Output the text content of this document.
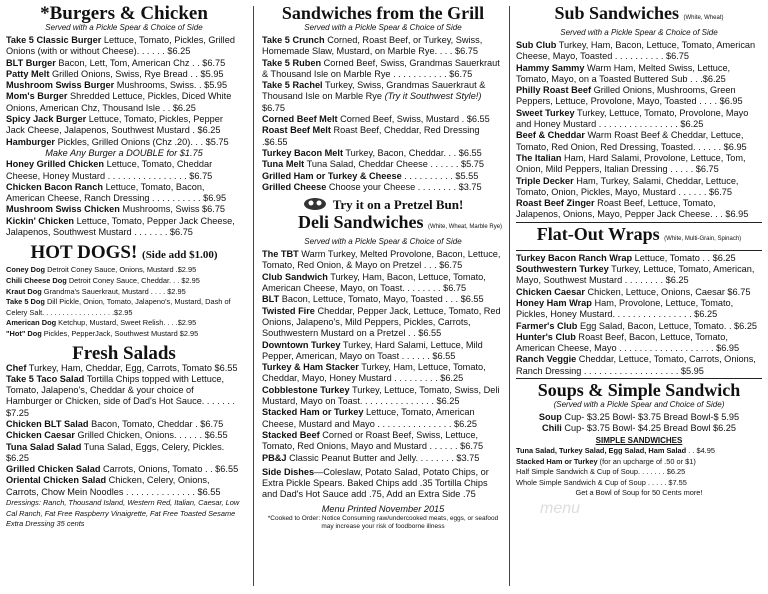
*Burgers & Chicken
Served with a Pickle Spear & Choice of Side
Take 5 Classic Burger Lettuce, Tomato, Pickles, Grilled Onions (with or without Cheese). . . . . . $6.25
BLT Burger Bacon, Lett, Tom, American Chz . . $6.75
Patty Melt Grilled Onions, Swiss, Rye Bread . . $5.95
Mushroom Swiss Burger Mushrooms, Swiss. . $5.95
Mom's Burger Shredded Lettuce, Pickles, Diced White Onions, American Chz, Thousand Isle . . $6.25
Spicy Jack Burger Lettuce, Tomato, Pickles, Pepper Jack Cheese, Jalapenos, Southwest Mustard . $6.25
Hamburger Pickles, Grilled Onions (Chz .20). . . $5.75
Make Any Burger a DOUBLE for $1.75
Honey Grilled Chicken Lettuce, Tomato, Cheddar Cheese, Honey Mustard . . . . . . . . . . . . . . . . $6.75
Chicken Bacon Ranch Lettuce, Tomato, Bacon, American Cheese, Ranch Dressing . . . . . . . . . . $6.95
Mushroom Swiss Chicken Mushrooms, Swiss $6.75
Kickin' Chicken Lettuce, Tomato, Pepper Jack Cheese, Jalapenos, Southwest Mustard . . . . . . . $6.75
HOT DOGS! (Side add $1.00)
Coney Dog Detroit Coney Sauce, Onions, Mustard .$2.95
Chili Cheese Dog Detroit Coney Sauce, Cheddar. . . $2.95
Kraut Dog Grandma's Sauerkraut, Mustard . . . . $2.95
Take 5 Dog Dill Pickle, Onion, Tomato, Jalapeno's, Mustard, Dash of Celery Salt. . . . . . . . . . . . . . . . . .$2.95
American Dog Ketchup, Mustard, Sweet Relish. . . .$2.95
"Hot" Dog Pickles, PepperJack, Southwest Mustard $2.95
Fresh Salads
Chef Turkey, Ham, Cheddar, Egg, Carrots, Tomato $6.55
Take 5 Taco Salad Tortilla Chips topped with Lettuce, Tomato, Jalapeno's, Cheddar & your choice of Hamburger or Chicken, side of Dad's Hot Sauce. . . . . . . $7.25
Chicken BLT Salad Bacon, Tomato, Cheddar . $6.75
Chicken Caesar Grilled Chicken, Onions. . . . . . $6.55
Tuna Salad Salad Tuna Salad, Eggs, Celery, Pickles. $6.25
Grilled Chicken Salad Carrots, Onions, Tomato . . $6.55
Oriental Chicken Salad Chicken, Celery, Onions, Carrots, Chow Mein Noodles . . . . . . . . . . . . . . $6.55
Dressings: Ranch, Thousand Island, Western Red, Italian, Caesar, Low Cal Ranch, Fat Free Raspberry Vinaigrette, Fat Free Toasted Sesame Extra Dressing 35 cents
Sandwiches from the Grill
Served with a Pickle Spear & Choice of Side
Take 5 Crunch Corned, Roast Beef, or Turkey, Swiss, Homemade Slaw, Mustard, on Marble Rye. . . . $6.75
Take 5 Ruben Corned Beef, Swiss, Grandmas Sauerkraut & Thousand Isle on Marble Rye . . . . . . . . . . . $6.75
Take 5 Rachel Turkey, Swiss, Grandmas Sauerkraut & Thousand Isle on Marble Rye (Try it Southwest Style!) $6.75
Corned Beef Melt Corned Beef, Swiss, Mustard . $6.55
Roast Beef Melt Roast Beef, Cheddar, Red Dressing .$6.55
Turkey Bacon Melt Turkey, Bacon, Cheddar. . . $6.55
Tuna Melt Tuna Salad, Cheddar Cheese . . . . . . $5.75
Grilled Ham or Turkey & Cheese . . . . . . . . . . $5.55
Grilled Cheese Choose your Cheese . . . . . . . . $3.75
Try it on a Pretzel Bun!
Deli Sandwiches (White, Wheat, Marble Rye)
Served with a Pickle Spear & Choice of Side
The TBT Warm Turkey, Melted Provolone, Bacon, Lettuce, Tomato, Red Onion, & Mayo on Pretzel . . . $6.75
Club Sandwich Turkey, Ham, Bacon, Lettuce, Tomato, American Cheese, Mayo, on Toast. . . . . . . . $6.75
BLT Bacon, Lettuce, Tomato, Mayo, Toasted . . . $6.55
Twisted Fire Cheddar, Pepper Jack, Lettuce, Tomato, Red Onions, Jalapeno's, Mild Peppers, Pickles, Carrots, Southwestern Mustard on a Pretzel . . $6.55
Downtown Turkey Turkey, Hard Salami, Lettuce, Mild Pepper, American, Mayo on Toast . . . . . . $6.55
Turkey & Ham Stacker Turkey, Ham, Lettuce, Tomato, Cheddar, Mayo, Honey Mustard . . . . . . . . . $6.25
Cobblestone Turkey Turkey, Lettuce, Tomato, Swiss, Deli Mustard, Mayo on Toast. . . . . . . . . . . . . . . $6.25
Stacked Ham or Turkey Lettuce, Tomato, American Cheese, Mustard and Mayo . . . . . . . . . . . . . . . $6.25
Stacked Beef Corned or Roast Beef, Swiss, Lettuce, Tomato, Red Onions, Mayo and Mustard . . . . . . $6.75
PB&J Classic Peanut Butter and Jelly. . . . . . . . $3.75
Side Dishes—Coleslaw, Potato Salad, Potato Chips, or Extra Pickle Spears. Baked Chips add .35 Tortilla Chips and Dad's Hot Sauce add .75, Add an Extra Side .75
Menu Printed November 2015
*Cooked to Order: Notice Consuming raw/undercooked meats, eggs, or seafood may increase your risk of foodborne illness
Sub Sandwiches (White, Wheat)
Served with a Pickle Spear & Choice of Side
Sub Club Turkey, Ham, Bacon, Lettuce, Tomato, American Cheese, Mayo, Toasted . . . . . . . . . . $6.75
Hammy Sammy Warm Ham, Melted Swiss, Lettuce, Tomato, Mayo, on a Toasted Buttered Sub . . .$6.25
Philly Roast Beef Grilled Onions, Mushrooms, Green Peppers, Lettuce, Provolone, Mayo, Toasted . . . . $6.95
Sweet Turkey Turkey, Lettuce, Tomato, Provolone, Mayo and Honey Mustard . . . . . . . . . . . . . . . . $6.25
Beef & Cheddar Warm Roast Beef & Cheddar, Lettuce, Tomato, Red Onion, Red Dressing, Toasted. . . . . . $6.95
The Italian Ham, Hard Salami, Provolone, Lettuce, Tom, Onion, Mild Peppers, Italian Dressing . . . . . $6.75
Triple Decker Ham, Turkey, Salami, Cheddar, Lettuce, Tomato, Onion, Pickles, Mayo, Mustard . . . . . . $6.75
Roast Beef Zinger Roast Beef, Lettuce, Tomato, Jalapenos, Onions, Mayo, Pepper Jack Cheese. . . $6.95
Flat-Out Wraps (White, Multi-Grain, Spinach)
Turkey Bacon Ranch Wrap Lettuce, Tomato . . $6.25
Southwestern Turkey Turkey, Lettuce, Tomato, American, Mayo, Southwest Mustard . . . . . . . . $6.25
Chicken Caesar Chicken, Lettuce, Onions, Caesar $6.75
Honey Ham Wrap Ham, Provolone, Lettuce, Tomato, Pickles, Honey Mustard. . . . . . . . . . . . . . . . $6.25
Farmer's Club Egg Salad, Bacon, Lettuce, Tomato. . $6.25
Hunter's Club Roast Beef, Bacon, Lettuce, Tomato, American Cheese, Mayo . . . . . . . . . . . . . . . . . . . $6.95
Ranch Veggie Cheddar, Lettuce, Tomato, Carrots, Onions, Ranch Dressing . . . . . . . . . . . . . . . . . . . $5.95
Soups & Simple Sandwich
(Served with a Pickle Spear and Choice of Side)
Soup Cup- $3.25 Bowl- $3.75 Bread Bowl-$ 5.95
Chili Cup- $3.75 Bowl- $4.25 Bread Bowl $6.25
SIMPLE SANDWICHES
Tuna Salad, Turkey Salad, Egg Salad, Ham Salad . . $4.95
Stacked Ham or Turkey (for an upcharge of .50 or $1)
Half Simple Sandwich & Cup of Soup. . . . . . . $6.25
Whole Simple Sandwich & Cup of Soup . . . . . $7.55
Get a Bowl of Soup for 50 Cents more!
menu
